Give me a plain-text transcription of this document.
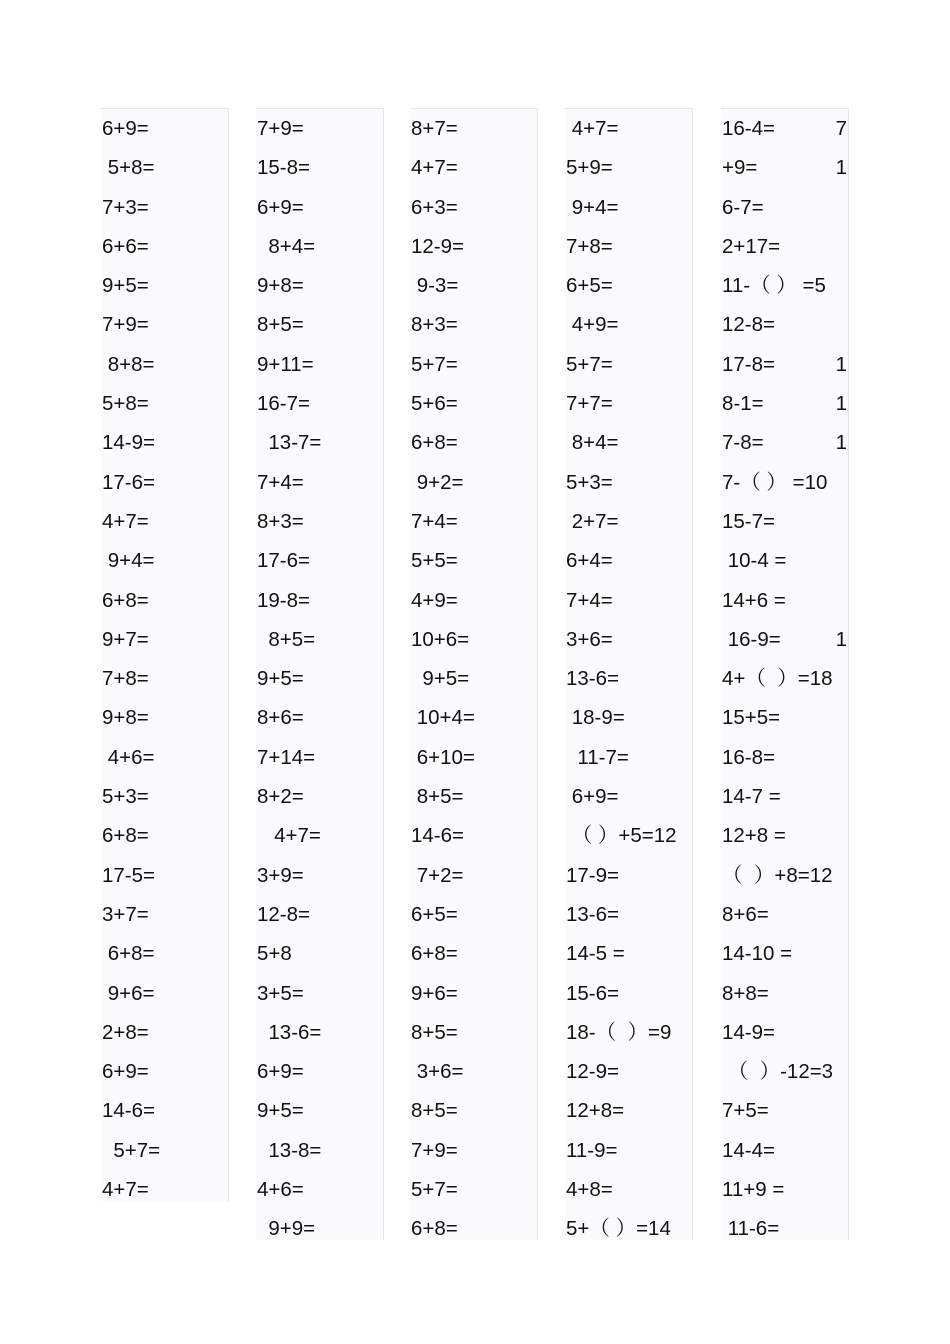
6+9=
5+8=
7+3=
6+6=
9+5=
7+9=
8+8=
5+8=
14-9=
17-6=
4+7=
9+4=
6+8=
9+7=
7+8=
9+8=
4+6=
5+3=
6+8=
17-5=
3+7=
6+8=
9+6=
2+8=
6+9=
14-6=
5+7=
4+7=
7+9=
15-8=
6+9=
8+4=
9+8=
8+5=
9+11=
16-7=
13-7=
7+4=
8+3=
17-6=
19-8=
8+5=
9+5=
8+6=
7+14=
8+2=
4+7=
3+9=
12-8=
5+8
3+5=
13-6=
6+9=
9+5=
13-8=
4+6=
9+9=
8+7=
4+7=
6+3=
12-9=
9-3=
8+3=
5+7=
5+6=
6+8=
9+2=
7+4=
5+5=
4+9=
10+6=
9+5=
10+4=
6+10=
8+5=
14-6=
7+2=
6+5=
6+8=
9+6=
8+5=
3+6=
8+5=
7+9=
5+7=
6+8=
4+7=
5+9=
9+4=
7+8=
6+5=
4+9=
5+7=
7+7=
8+4=
5+3=
2+7=
6+4=
7+4=
3+6=
13-6=
18-9=
11-7=
6+9=
（ ）+5=12
17-9=
13-6=
14-5 =
15-6=
18-（  ）=9
12-9=
12+8=
11-9=
4+8=
5+（ ）=14
16-4=	7
+9=	1
6-7=
2+17=
11-（ ） =5
12-8=
17-8=	1
8-1=	1
7-8=	1
7-（ ） =10
15-7=
10-4 =
14+6 =
16-9=	1
4+（  ）=18
15+5=
16-8=
14-7 =
12+8 =
（  ）+8=12
8+6=
14-10 =
8+8=
14-9=
（  ）-12=3
7+5=
14-4=
11+9 =
11-6=
